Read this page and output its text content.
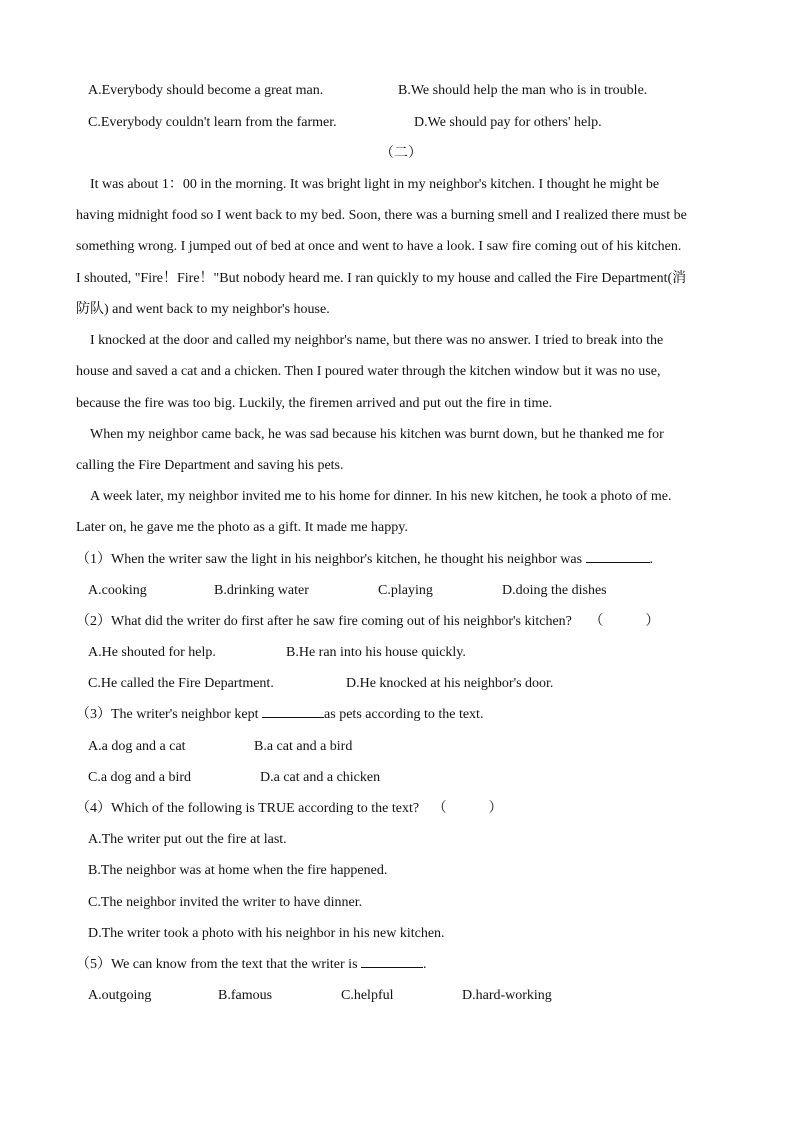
A.Everybody should become a great man.	B.We should help the man who is in trouble.
C.Everybody couldn't learn from the farmer.	D.We should pay for others' help.
（二）
It was about 1：00 in the morning. It was bright light in my neighbor's kitchen. I thought he might be
having midnight food so I went back to my bed. Soon, there was a burning smell and I realized there must be
something wrong. I jumped out of bed at once and went to have a look. I saw fire coming out of his kitchen.
I shouted, "Fire！Fire！"But nobody heard me. I ran quickly to my house and called the Fire Department(消
防队) and went back to my neighbor's house.
I knocked at the door and called my neighbor's name, but there was no answer. I tried to break into the
house and saved a cat and a chicken. Then I poured water through the kitchen window but it was no use,
because the fire was too big. Luckily, the firemen arrived and put out the fire in time.
When my neighbor came back, he was sad because his kitchen was burnt down, but he thanked me for
calling the Fire Department and saving his pets.
A week later, my neighbor invited me to his home for dinner. In his new kitchen, he took a photo of me.
Later on, he gave me the photo as a gift. It made me happy.
（1）When the writer saw the light in his neighbor's kitchen, he thought his neighbor was	.
A.cooking	B.drinking water	C.playing	D.doing the dishes
（2）What did the writer do first after he saw fire coming out of his neighbor's kitchen? （　　　）
A.He shouted for help.	B.He ran into his house quickly.
C.He called the Fire Department.	D.He knocked at his neighbor's door.
（3）The writer's neighbor kept	as pets according to the text.
A.a dog and a cat	B.a cat and a bird
C.a dog and a bird	D.a cat and a chicken
（4）Which of the following is TRUE according to the text? （　　　）
A.The writer put out the fire at last.
B.The neighbor was at home when the fire happened.
C.The neighbor invited the writer to have dinner.
D.The writer took a photo with his neighbor in his new kitchen.
（5）We can know from the text that the writer is	.
A.outgoing	B.famous	C.helpful	D.hard-working
